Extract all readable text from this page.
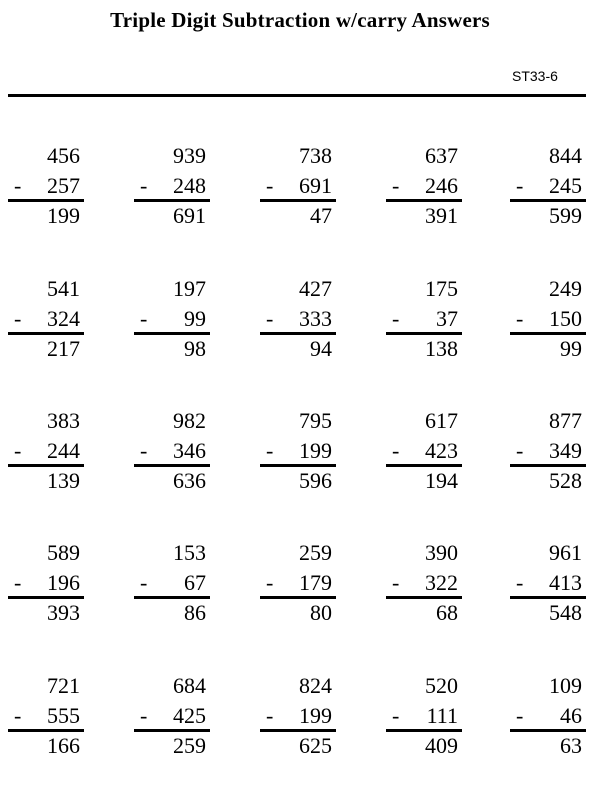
Triple Digit Subtraction w/carry Answers
ST33-6
456
-	257
199
939
-	248
691
738
-	691
47
637
-	246
391
844
-	245
599
541
-	324
217
197
-	99
98
427
-	333
94
175
-	37
138
249
-	150
99
383
-	244
139
982
-	346
636
795
-	199
596
617
-	423
194
877
-	349
528
589
-	196
393
153
-	67
86
259
-	179
80
390
-	322
68
961
-	413
548
721
-	555
166
684
-	425
259
824
-	199
625
520
-	111
409
109
-	46
63
